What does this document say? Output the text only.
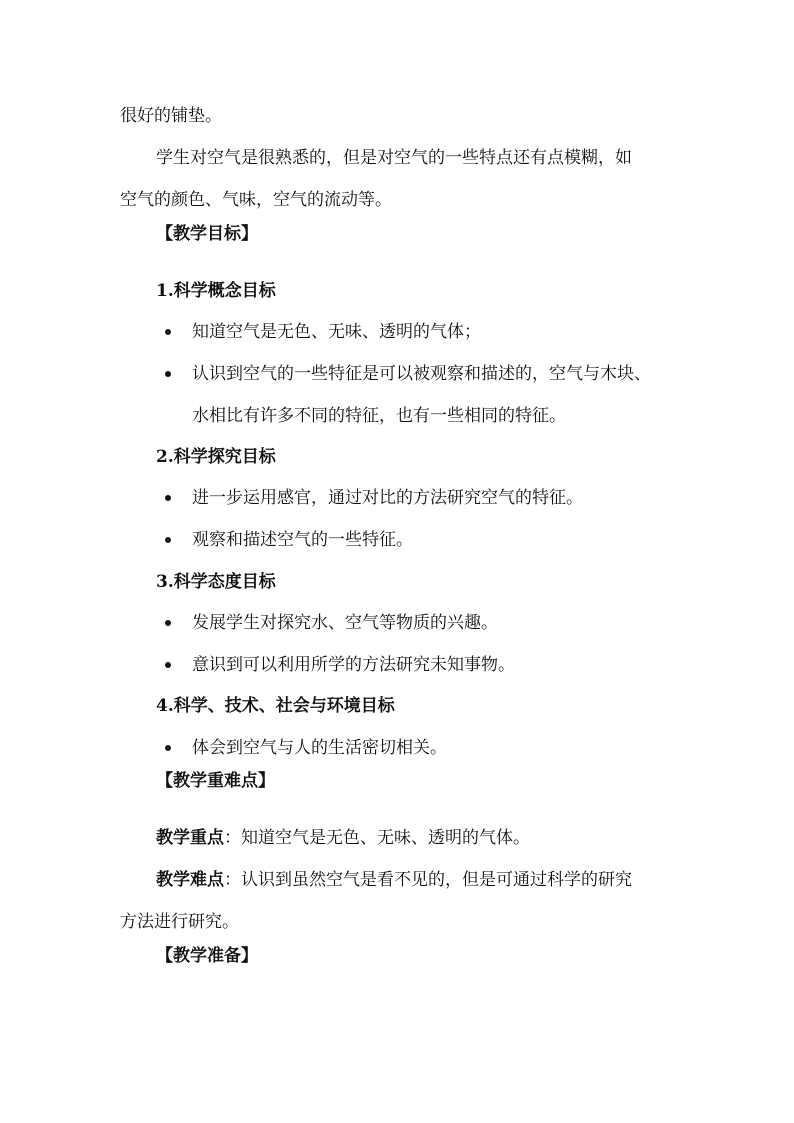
很好的铺垫。
学生对空气是很熟悉的，但是对空气的一些特点还有点模糊，如
空气的颜色、气味，空气的流动等。
【教学目标】
1.科学概念目标
知道空气是无色、无味、透明的气体；
认识到空气的一些特征是可以被观察和描述的，空气与木块、
水相比有许多不同的特征，也有一些相同的特征。
2.科学探究目标
进一步运用感官，通过对比的方法研究空气的特征。
观察和描述空气的一些特征。
3.科学态度目标
发展学生对探究水、空气等物质的兴趣。
意识到可以利用所学的方法研究未知事物。
4.科学、技术、社会与环境目标
体会到空气与人的生活密切相关。
【教学重难点】
教学重点：知道空气是无色、无味、透明的气体。
教学难点：认识到虽然空气是看不见的，但是可通过科学的研究
方法进行研究。
【教学准备】
